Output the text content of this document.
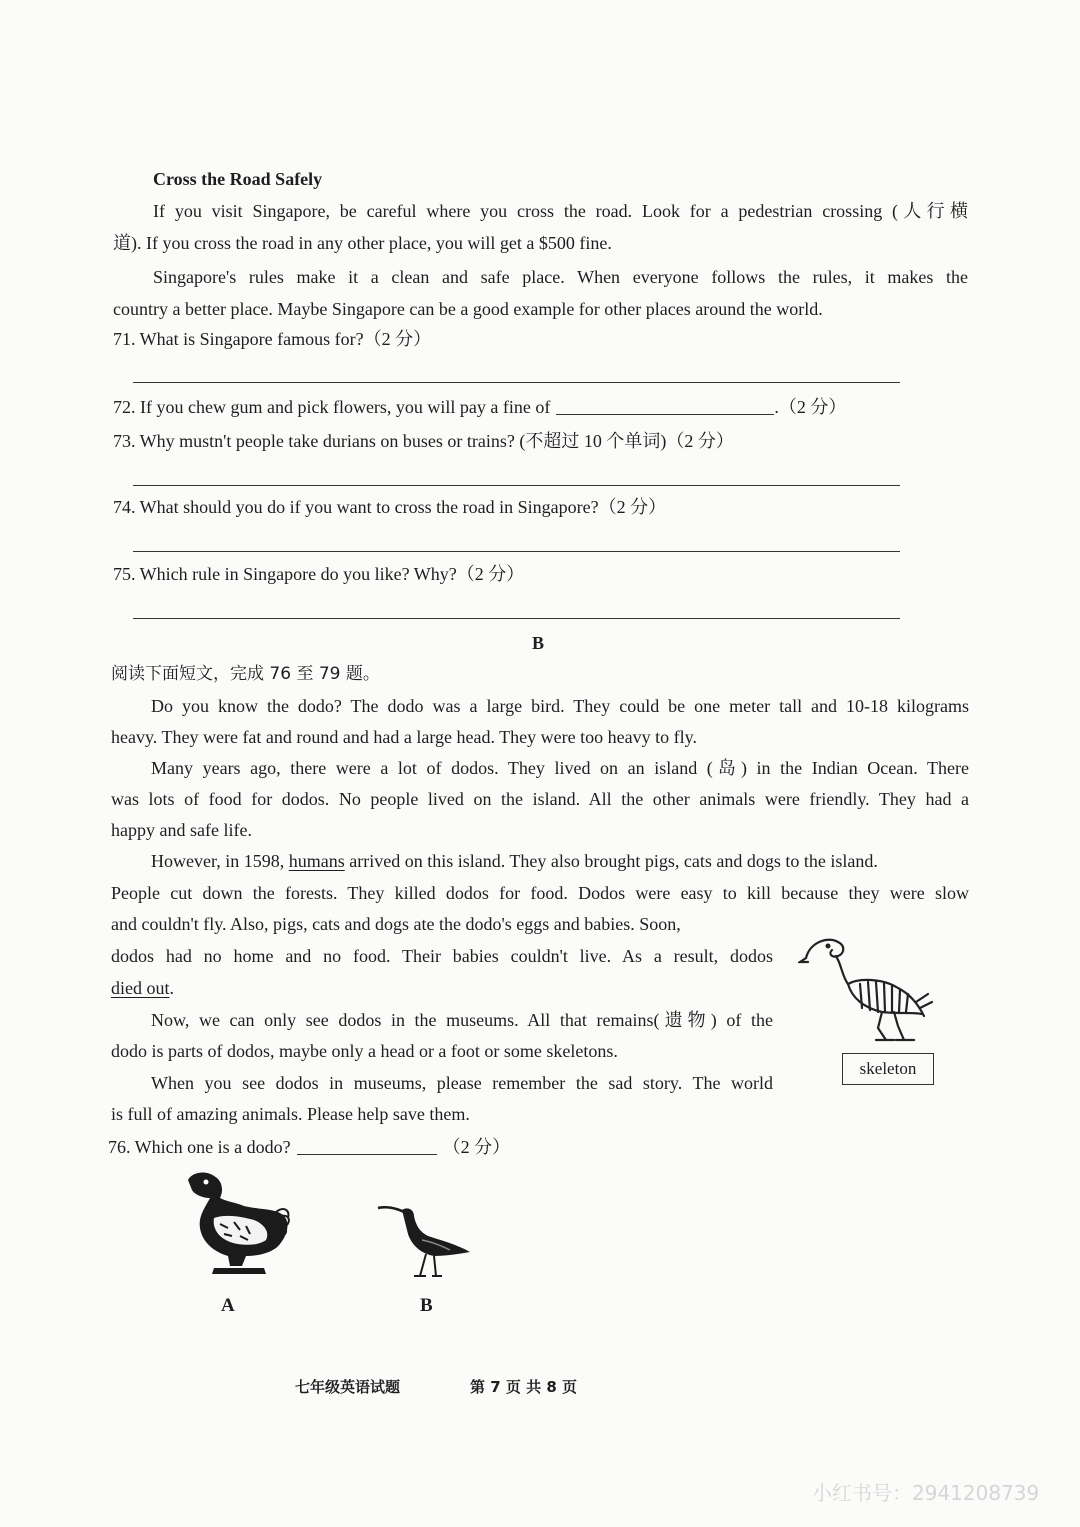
Cross the Road Safely
If you visit Singapore, be careful where you cross the road. Look for a pedestrian crossing (人行横
道). If you cross the road in any other place, you will get a $500 fine.
Singapore's rules make it a clean and safe place. When everyone follows the rules, it makes the
country a better place. Maybe Singapore can be a good example for other places around the world.
71. What is Singapore famous for?（2 分）
72. If you chew gum and pick flowers, you will pay a fine of	.（2 分）
73. Why mustn't people take durians on buses or trains? (不超过 10 个单词)（2 分）
74. What should you do if you want to cross the road in Singapore?（2 分）
75. Which rule in Singapore do you like? Why?（2 分）
B
阅读下面短文，完成 76 至 79 题。
Do you know the dodo? The dodo was a large bird. They could be one meter tall and 10-18 kilograms
heavy. They were fat and round and had a large head. They were too heavy to fly.
Many years ago, there were a lot of dodos. They lived on an island (岛) in the Indian Ocean. There
was lots of food for dodos. No people lived on the island. All the other animals were friendly. They had a
happy and safe life.
However, in 1598, humans arrived on this island. They also brought pigs, cats and dogs to the island.
People cut down the forests. They killed dodos for food. Dodos were easy to kill because they were slow
and couldn't fly. Also, pigs, cats and dogs ate the dodo's eggs and babies. Soon,
dodos had no home and no food. Their babies couldn't live. As a result, dodos
died out.
Now, we can only see dodos in the museums. All that remains(遗物) of the
dodo is parts of dodos, maybe only a head or a foot or some skeletons.
When you see dodos in museums, please remember the sad story. The world
is full of amazing animals. Please help save them.
skeleton
76. Which one is a dodo?	（2 分）
A	B
七年级英语试题	第 7 页 共 8 页
小红书号：2941208739
